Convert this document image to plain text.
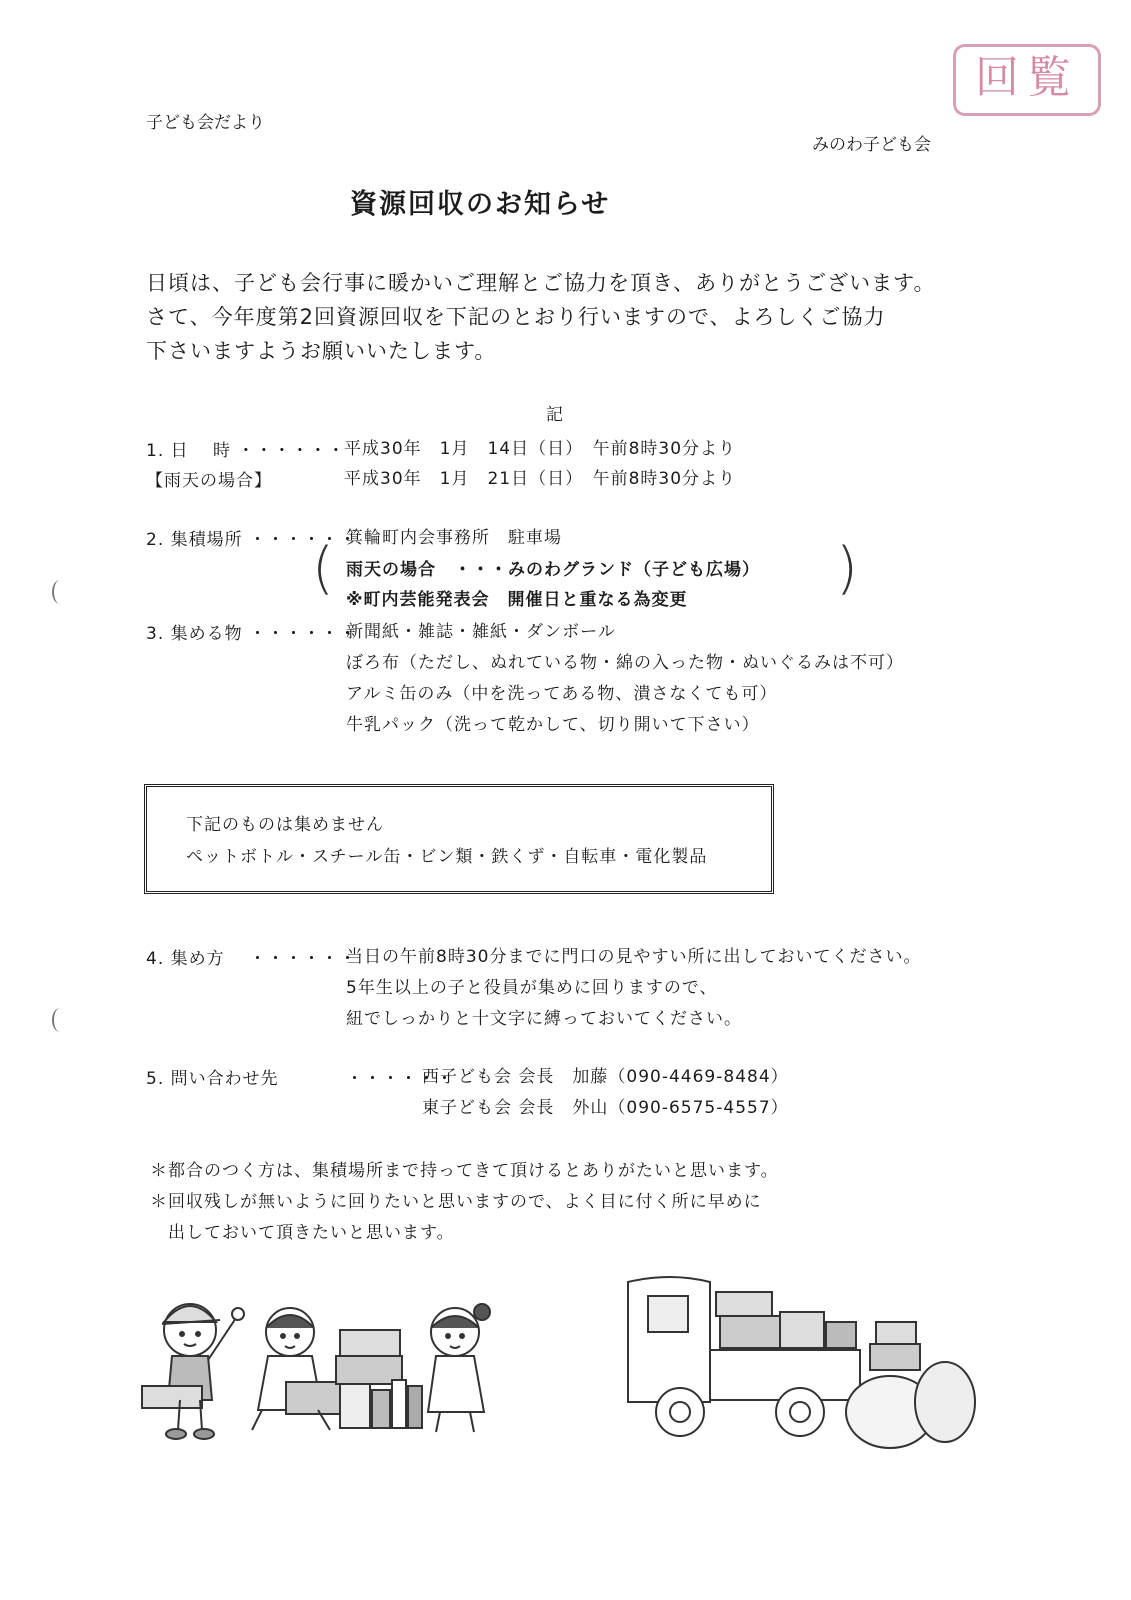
回覧
子ども会だより
みのわ子ども会
資源回収のお知らせ
日頃は、子ども会行事に暖かいご理解とご協力を頂き、ありがとうございます。
さて、今年度第2回資源回収を下記のとおり行いますので、よろしくご協力
下さいますようお願いいたします。
記
1. 日　 時 ・・・・・・
平成30年　1月　14日（日）　午前8時30分より
【雨天の場合】	平成30年　1月　21日（日）　午前8時30分より
2. 集積場所 ・・・・・・
箕輪町内会事務所　駐車場
(	)
雨天の場合　・・・みのわグランド（子ども広場）
※町内芸能発表会　開催日と重なる為変更
3. 集める物 ・・・・・・
新聞紙・雑誌・雑紙・ダンボール
ぼろ布（ただし、ぬれている物・綿の入った物・ぬいぐるみは不可）
アルミ缶のみ（中を洗ってある物、潰さなくても可）
牛乳パック（洗って乾かして、切り開いて下さい）
下記のものは集めません
ペットボトル・スチール缶・ビン類・鉄くず・自転車・電化製品
4. 集め方　 ・・・・・・
当日の午前8時30分までに門口の見やすい所に出しておいてください。
5年生以上の子と役員が集めに回りますので、
紐でしっかりと十文字に縛っておいてください。
5. 問い合わせ先	・・・・・・
西子ども会 会長　加藤（090-4469-8484）
東子ども会 会長　外山（090-6575-4557）
＊都合のつく方は、集積場所まで持ってきて頂けるとありがたいと思います。
＊回収残しが無いように回りたいと思いますので、よく目に付く所に早めに
　出しておいて頂きたいと思います。
